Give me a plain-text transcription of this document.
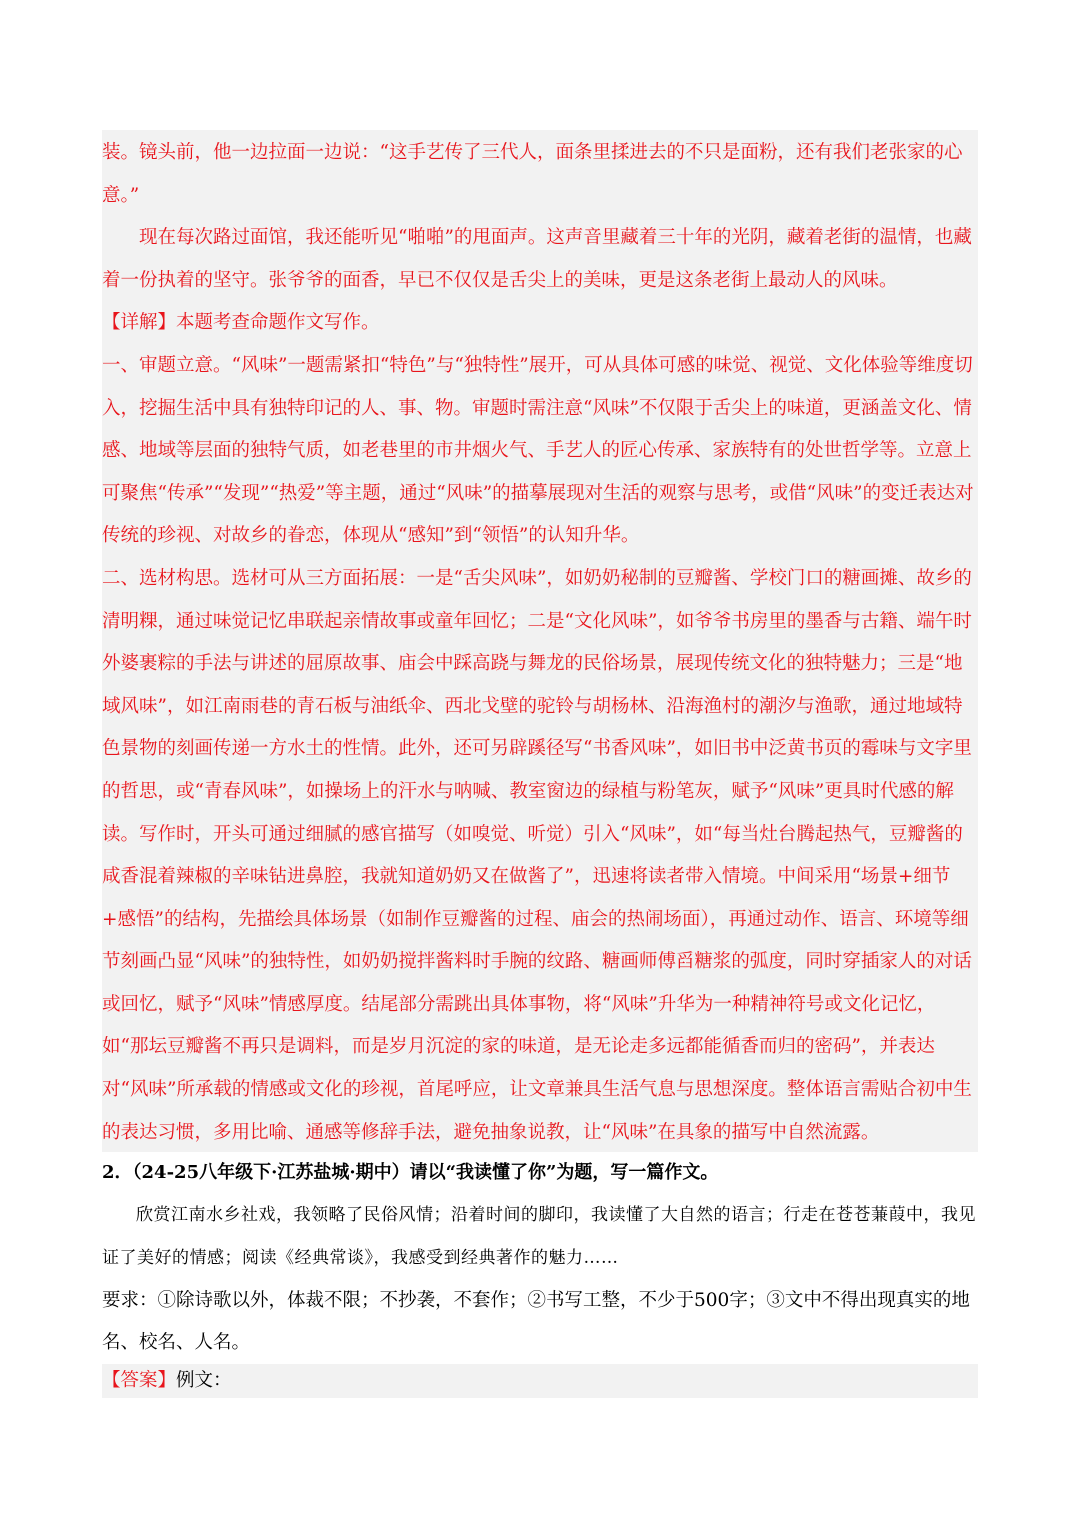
装。镜头前，他一边拉面一边说：“这手艺传了三代人，面条里揉进去的不只是面粉，还有我们老张家的心意。”

现在每次路过面馆，我还能听见“啪啪”的甩面声。这声音里藏着三十年的光阴，藏着老街的温情，也藏着一份执着的坚守。张爷爷的面香，早已不仅仅是舌尖上的美味，更是这条老街上最动人的风味。

【详解】本题考查命题作文写作。

一、审题立意。“风味”一题需紧扣“特色”与“独特性”展开，可从具体可感的味觉、视觉、文化体验等维度切入，挖掘生活中具有独特印记的人、事、物。审题时需注意“风味”不仅限于舌尖上的味道，更涵盖文化、情感、地域等层面的独特气质，如老巷里的市井烟火气、手艺人的匠心传承、家族特有的处世哲学等。立意上可聚焦“传承”“发现”“热爱”等主题，通过“风味”的描摹展现对生活的观察与思考，或借“风味”的变迁表达对传统的珍视、对故乡的眷恋，体现从“感知”到“领悟”的认知升华。

二、选材构思。选材可从三方面拓展：一是“舌尖风味”，如奶奶秘制的豆瓣酱、学校门口的糖画摊、故乡的清明粿，通过味觉记忆串联起亲情故事或童年回忆；二是“文化风味”，如爷爷书房里的墨香与古籍、端午时外婆裹粽的手法与讲述的屈原故事、庙会中踩高跷与舞龙的民俗场景，展现传统文化的独特魅力；三是“地域风味”，如江南雨巷的青石板与油纸伞、西北戈壁的驼铃与胡杨林、沿海渔村的潮汐与渔歌，通过地域特色景物的刻画传递一方水土的性情。此外，还可另辟蹊径写“书香风味”，如旧书中泛黄书页的霉味与文字里的哲思，或“青春风味”，如操场上的汗水与呐喊、教室窗边的绿植与粉笔灰，赋予“风味”更具时代感的解读。写作时，开头可通过细腻的感官描写（如嗅觉、听觉）引入“风味”，如“每当灶台腾起热气，豆瓣酱的咸香混着辣椒的辛味钻进鼻腔，我就知道奶奶又在做酱了”，迅速将读者带入情境。中间采用“场景+细节+感悟”的结构，先描绘具体场景（如制作豆瓣酱的过程、庙会的热闹场面），再通过动作、语言、环境等细节刻画凸显“风味”的独特性，如奶奶搅拌酱料时手腕的纹路、糖画师傅舀糖浆的弧度，同时穿插家人的对话或回忆，赋予“风味”情感厚度。结尾部分需跳出具体事物，将“风味”升华为一种精神符号或文化记忆，如“那坛豆瓣酱不再只是调料，而是岁月沉淀的家的味道，是无论走多远都能循香而归的密码”，并表达对“风味”所承载的情感或文化的珍视，首尾呼应，让文章兼具生活气息与思想深度。整体语言需贴合初中生的表达习惯，多用比喻、通感等修辞手法，避免抽象说教，让“风味”在具象的描写中自然流露。

2．（24-25八年级下·江苏盐城·期中）请以“我读懂了你”为题，写一篇作文。

欣赏江南水乡社戏，我领略了民俗风情；沿着时间的脚印，我读懂了大自然的语言；行走在苍苍蒹葭中，我见证了美好的情感；阅读《经典常谈》，我感受到经典著作的魅力……

要求：①除诗歌以外，体裁不限；不抄袭，不套作；②书写工整，不少于500字；③文中不得出现真实的地名、校名、人名。

【答案】例文：
